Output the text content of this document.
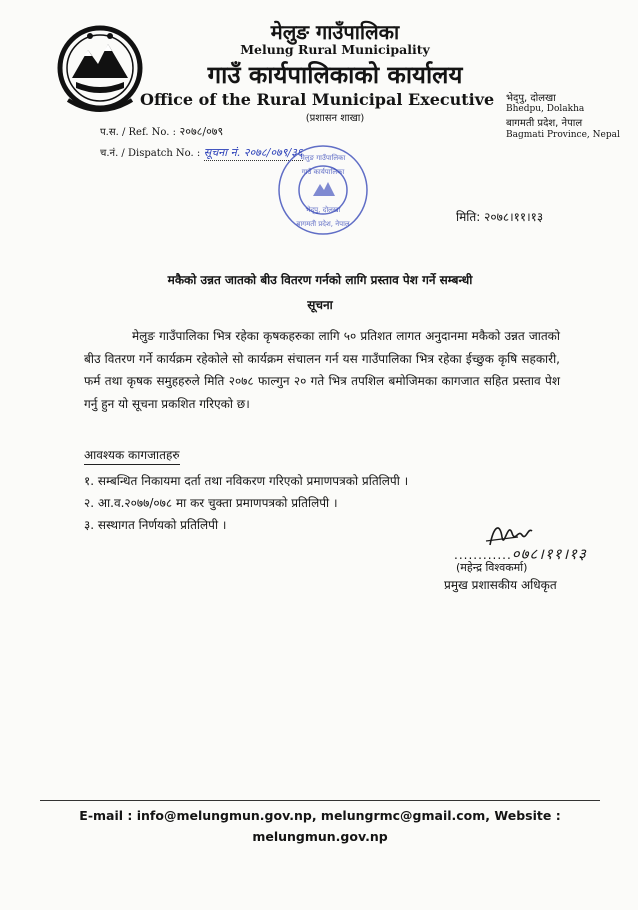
मेलुङ गाउँपालिका
Melung Rural Municipality
गाउँ कार्यपालिकाको कार्यालय
Office of the Rural Municipal Executive
(प्रशासन शाखा)
भेद्पु, दोलखा
Bhedpu, Dolakha
बागमती प्रदेश, नेपाल
Bagmati Province, Nepal
प.स. / Ref. No. : २०७८/०७९
च.नं. / Dispatch No. : सूचना नं. २०७८/०७९/३६
मेलुङ गाउँपालिका
गाउँ कार्यपालिका
भेद्पु, दोलखा
बागमती प्रदेश, नेपाल	मिति: २०७८।११।१३
मकैको उन्नत जातको बीउ वितरण गर्नको लागि प्रस्ताव पेश गर्ने सम्बन्धी
सूचना
मेलुङ गाउँपालिका भित्र रहेका कृषकहरुका लागि ५० प्रतिशत लागत अनुदानमा मकैको उन्नत जातको बीउ वितरण गर्ने कार्यक्रम रहेकोले सो कार्यक्रम संचालन गर्न यस गाउँपालिका भित्र रहेका ईच्छुक कृषि सहकारी, फर्म तथा कृषक समुहहरुले मिति २०७८ फाल्गुन २० गते भित्र तपशिल बमोजिमका कागजात सहित प्रस्ताव पेश गर्नु हुन यो सूचना प्रकशित गरिएको छ।
आवश्यक कागजातहरु
१. सम्बन्धित निकायमा दर्ता तथा नविकरण गरिएको प्रमाणपत्रको प्रतिलिपी ।
२. आ.व.२०७७/०७८ मा कर चुक्ता प्रमाणपत्रको प्रतिलिपी ।
३. सस्थागत निर्णयको प्रतिलिपी ।
............०७८।११।१३
(महेन्द्र विश्वकर्मा)
प्रमुख प्रशासकीय अधिकृत
E-mail : info@melungmun.gov.np, melungrmc@gmail.com, Website :
melungmun.gov.np
